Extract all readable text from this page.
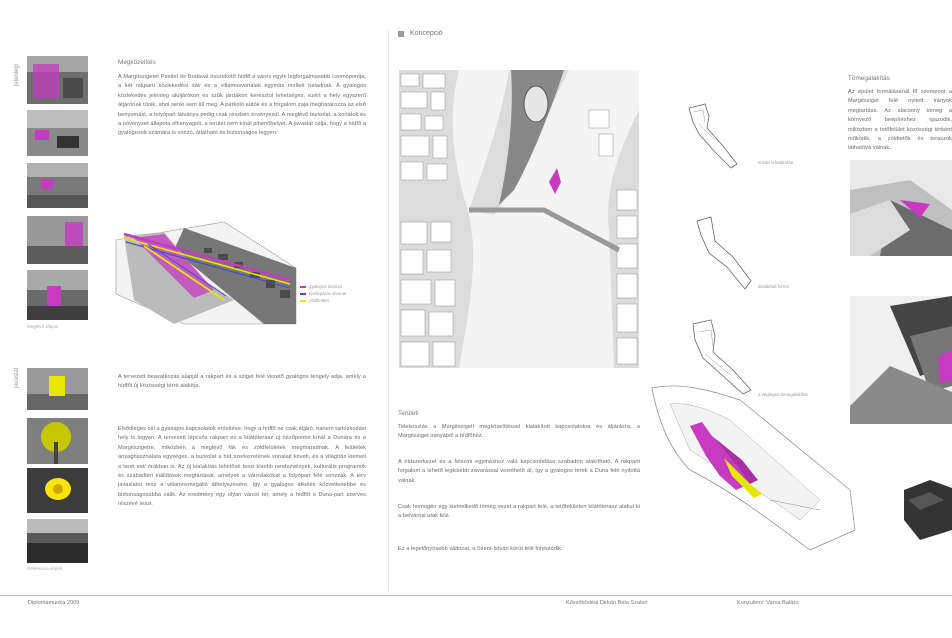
jelenlegi
javaslat
Meglévő állapot
Megközelítés
A Margitszigetet Pesttel és Budával összekötő hídfő a város egyik legforgalmasabb csomópontja, a két rakparti közlekedési sáv és a villamosvonalak egymás mellett haladnak. A gyalogos közlekedés jelenleg aluljárókon és szűk járdákon keresztül lehetséges, ezért a hely egyszerű átjárónak tűnik, ahol senki sem áll meg. A parkoló autók és a forgalom zaja meghatározza az első benyomást, a folyópart látványa pedig csak részben érvényesül. A meglévő burkolat, a korlátok és a növényzet állapota elhanyagolt, a terület nem kínál pihenőhelyet. A javaslat célja, hogy a hídfő a gyalogosok számára is vonzó, átlátható és biztonságos legyen.
gyalogos útvonal
kerékpáros útvonal
zöldfelület
Referencia képek
A tervezett beavatkozás alapját a rakpart és a sziget felé vezető gyalogos tengely adja, amely a hídfőt új közösségi térré alakítja.
Elsődleges cél a gyalogos kapcsolatok erősítése, hogy a hídfő ne csak átjáró, hanem tartózkodási hely is legyen. A tervezett lépcsős rakpart és a kilátóterasz új nézőpontot kínál a Dunára és a Margitszigetre, miközben a meglévő fák és zöldfelületek megmaradnak. A felületek anyaghasználata egységes, a burkolat a híd szerkezetének vonalait követi, és a világítás kiemeli a teret esti órákban is. Az új kialakítás lehetővé teszi kisebb rendezvények, kulturális programok és szabadtéri kiállítások megtartását, amelyek a városlakókat a folyópart felé vonzzák. A terv javaslatot tesz a villamosmegálló áthelyezésére, így a gyalogos átkelés közvetlenebbé és biztonságosabbá válik. Az eredmény egy olyan városi tér, amely a hídfőt a Duna-part szerves részévé teszi.
Koncepció
terület lehatárolás
kialakított forma
a végleges tömegalakítás
Tömegalakítás
Az épület formálásánál fő szempont a Margitsziget felé nyitott irányok megtartása. Az alacsony tömeg a környező beépítéshez igazodik, miközben a tetőfelület közösségi térként működik, a zöldtetők és teraszok láthatóvá válnak.
Területi
Telekosztás a Margitszigeti megközelítéssel kialakított kapcsolatokra és átjárásra, a Margitsziget irányából a hídfőhöz.
A hídszerkezet és a felszíni egymáshoz való kapcsolódása szabadon alakítható. A rakparti forgalom a lehető legkisebb zavarással vezethető át, így a gyalogos terek a Duna felé nyitottá válnak.
Csak homogén egy kiemelkedő tömeg vezet a rakpart felé, a tetőfelületen kilátóterasz alakul ki a belvárosi utak felé.
Ez a legelőnyösebb változat, a Szent-István körút felé folytatódik.
Diplomamunka 2009	Kőszöbödéai Dirkán Béla Szalon	Konzulens: Varsa Balázs
